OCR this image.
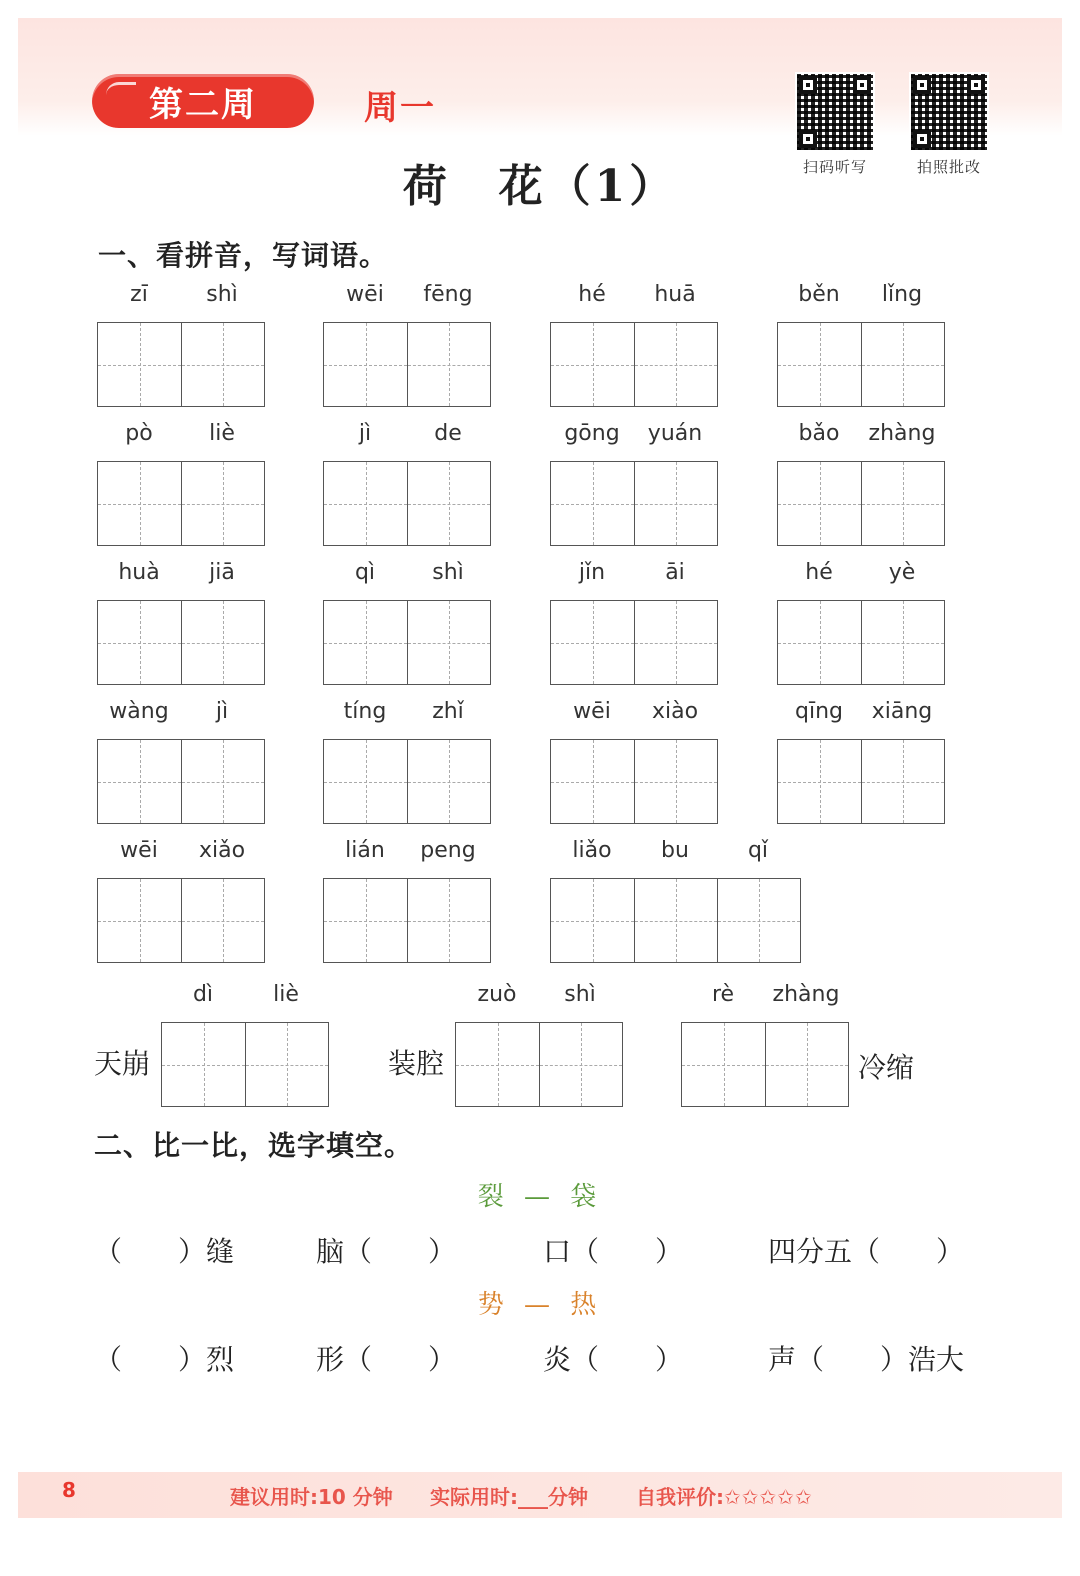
第二周	周一
扫码听写	拍照批改
荷　花（1）
一、看拼音，写词语。
zī	shì	wēi	fēng	hé	huā	běn	lǐng
pò	liè	jì	de	gōng	yuán	bǎo	zhàng
huà	jiā	qì	shì	jǐn	āi	hé	yè
wàng	jì	tíng	zhǐ	wēi	xiào	qīng	xiāng
wēi	xiǎo	lián	peng	liǎo	bu	qǐ
天崩
dì	liè
装腔
zuò	shì	rè	zhàng
冷缩
二、比一比，选字填空。
裂 — 袋
（　　）缝	脑（　　）	口（　　）	四分五（　　）
势 — 热
（　　）烈	形（　　）	炎（　　）	声（　　）浩大
8	建议用时:10 分钟 实际用时:___分钟 自我评价:✩✩✩✩✩
